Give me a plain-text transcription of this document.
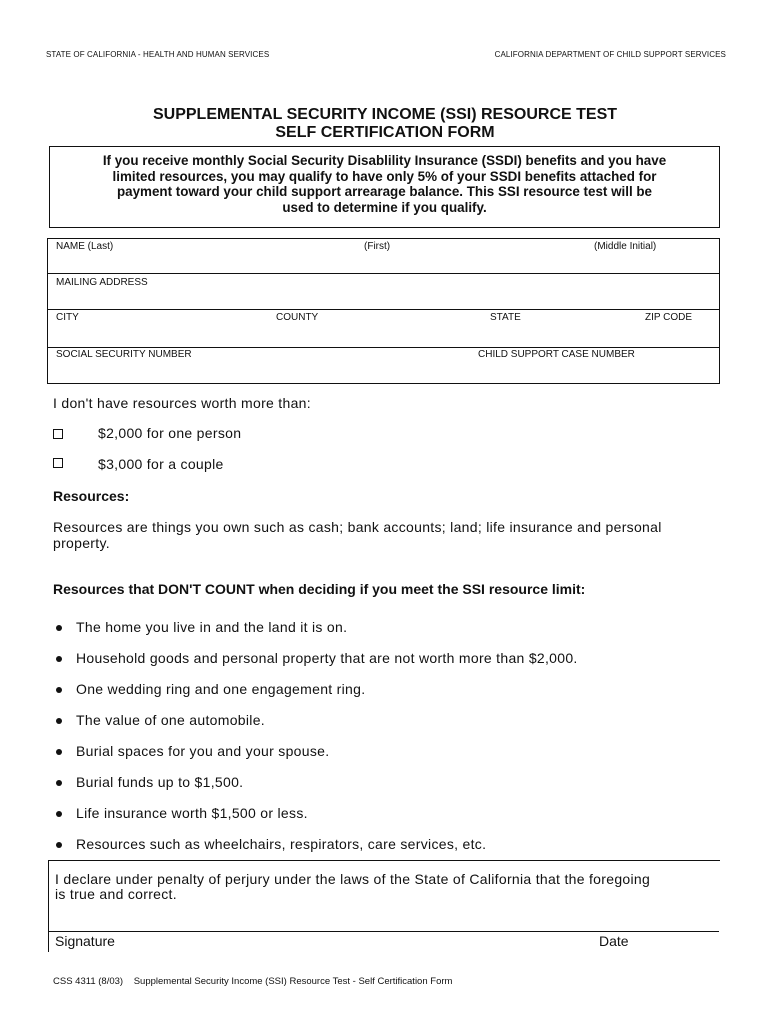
STATE OF CALIFORNIA - HEALTH AND HUMAN SERVICES	CALIFORNIA DEPARTMENT OF CHILD SUPPORT SERVICES
SUPPLEMENTAL SECURITY INCOME (SSI) RESOURCE TEST
SELF CERTIFICATION FORM
If you receive monthly Social Security Disablility Insurance (SSDI) benefits and you have
limited resources, you may qualify to have only 5% of your SSDI benefits attached for
payment toward your child support arrearage balance. This SSI resource test will be
used to determine if you qualify.
NAME (Last)	(First)	(Middle Initial)
MAILING ADDRESS
CITY	COUNTY	STATE	ZIP CODE
SOCIAL SECURITY NUMBER	CHILD SUPPORT CASE NUMBER
I don't have resources worth more than:
$2,000 for one person
$3,000 for a couple
Resources:
Resources are things you own such as cash; bank accounts; land; life insurance and personal
property.
Resources that DON'T COUNT when deciding if you meet the SSI resource limit:
The home you live in and the land it is on.
Household goods and personal property that are not worth more than $2,000.
One wedding ring and one engagement ring.
The value of one automobile.
Burial spaces for you and your spouse.
Burial funds up to $1,500.
Life insurance worth $1,500 or less.
Resources such as wheelchairs, respirators, care services, etc.
I declare under penalty of perjury under the laws of the State of California that the foregoing
is true and correct.
Signature	Date
CSS 4311 (8/03) Supplemental Security Income (SSI) Resource Test - Self Certification Form
